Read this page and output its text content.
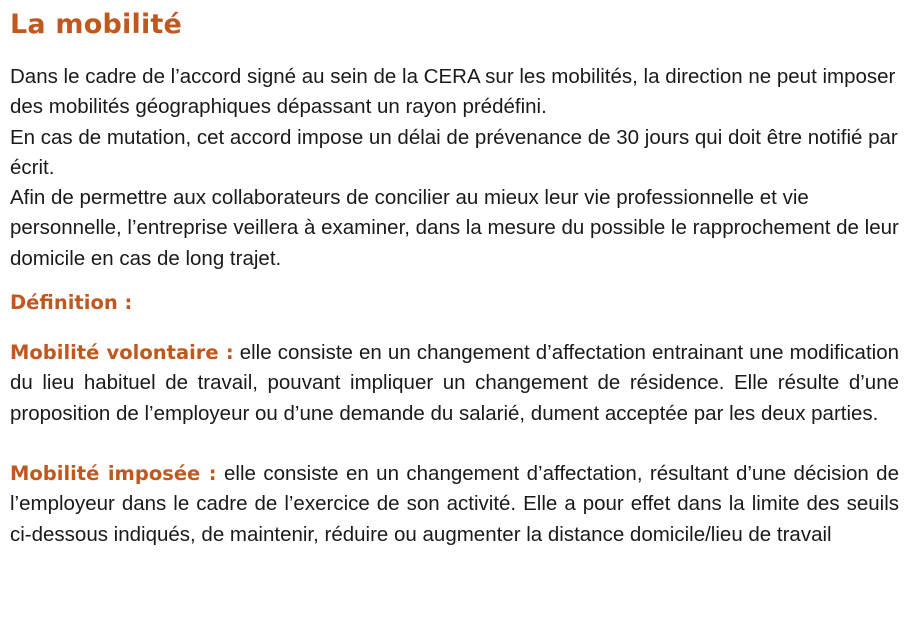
La mobilité

Dans le cadre de l’accord signé au sein de la CERA sur les mobilités, la direction ne peut imposer des mobilités géographiques dépassant un rayon prédéfini.

En cas de mutation, cet accord impose un délai de prévenance de 30 jours qui doit être notifié par écrit.

Afin de permettre aux collaborateurs de concilier au mieux leur vie professionnelle et vie personnelle, l’entreprise veillera à examiner, dans la mesure du possible le rapprochement de leur domicile en cas de long trajet.

Définition :

Mobilité volontaire : elle consiste en un changement d’affectation entrainant une modification du lieu habituel de travail, pouvant impliquer un changement de résidence. Elle résulte d’une proposition de l’employeur ou d’une demande du salarié, dument acceptée par les deux parties.

Mobilité imposée : elle consiste en un changement d’affectation, résultant d’une décision de l’employeur dans le cadre de l’exercice de son activité. Elle a pour effet dans la limite des seuils ci-dessous indiqués, de maintenir, réduire ou augmenter la distance domicile/lieu de travail
